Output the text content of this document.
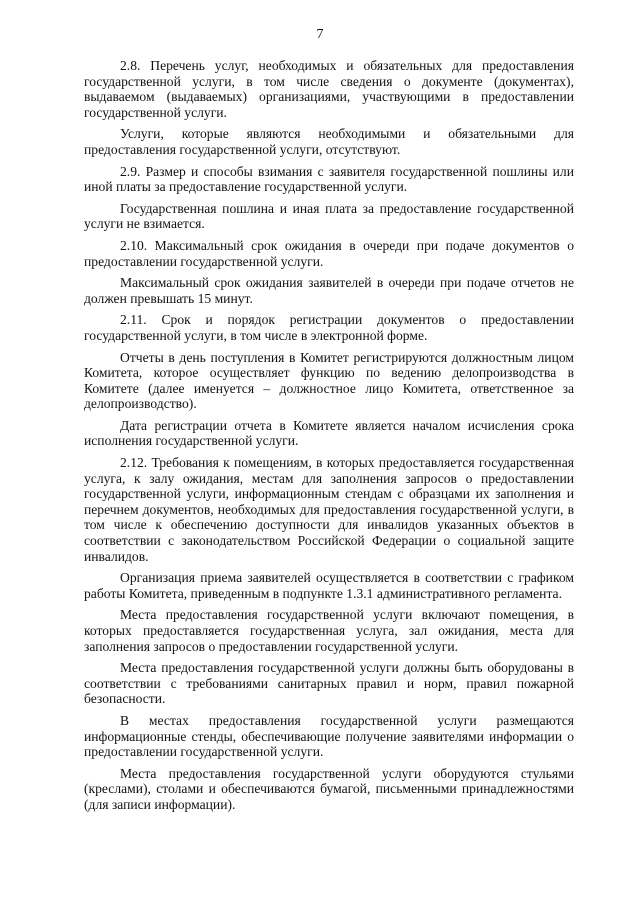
7

2.8. Перечень услуг, необходимых и обязательных для предоставления государственной услуги, в том числе сведения о документе (документах), выдаваемом (выдаваемых) организациями, участвующими в предоставлении государственной услуги.

Услуги, которые являются необходимыми и обязательными для предоставления государственной услуги, отсутствуют.

2.9. Размер и способы взимания с заявителя государственной пошлины или иной платы за предоставление государственной услуги.

Государственная пошлина и иная плата за предоставление государственной услуги не взимается.

2.10. Максимальный срок ожидания в очереди при подаче документов о предоставлении государственной услуги.

Максимальный срок ожидания заявителей в очереди при подаче отчетов не должен превышать 15 минут.

2.11. Срок и порядок регистрации документов о предоставлении государственной услуги, в том числе в электронной форме.

Отчеты в день поступления в Комитет регистрируются должностным лицом Комитета, которое осуществляет функцию по ведению делопроизводства в Комитете (далее именуется – должностное лицо Комитета, ответственное за делопроизводство).

Дата регистрации отчета в Комитете является началом исчисления срока исполнения государственной услуги.

2.12. Требования к помещениям, в которых предоставляется государственная услуга, к залу ожидания, местам для заполнения запросов о предоставлении государственной услуги, информационным стендам с образцами их заполнения и перечнем документов, необходимых для предоставления государственной услуги, в том числе к обеспечению доступности для инвалидов указанных объектов в соответствии с законодательством Российской Федерации о социальной защите инвалидов.

Организация приема заявителей осуществляется в соответствии с графиком работы Комитета, приведенным в подпункте 1.3.1 административного регламента.

Места предоставления государственной услуги включают помещения, в которых предоставляется государственная услуга, зал ожидания, места для заполнения запросов о предоставлении государственной услуги.

Места предоставления государственной услуги должны быть оборудованы в соответствии с требованиями санитарных правил и норм, правил пожарной безопасности.

В местах предоставления государственной услуги размещаются информационные стенды, обеспечивающие получение заявителями информации о предоставлении государственной услуги.

Места предоставления государственной услуги оборудуются стульями (креслами), столами и обеспечиваются бумагой, письменными принадлежностями (для записи информации).
